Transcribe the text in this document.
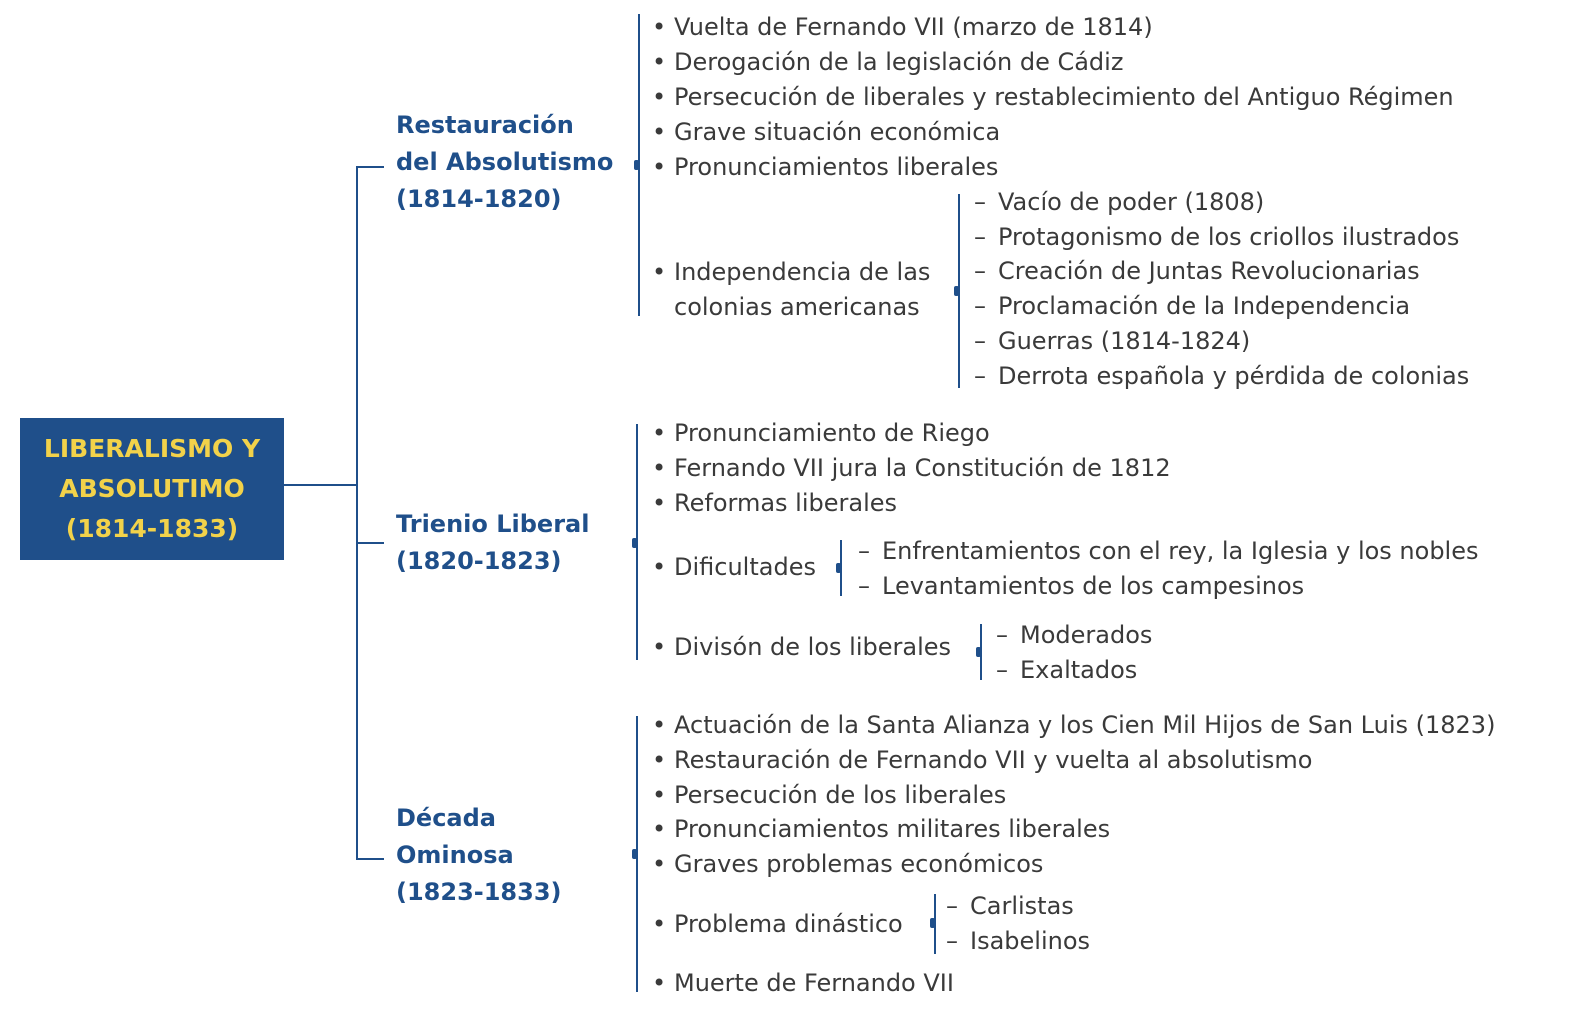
LIBERALISMO Y
ABSOLUTIMO
(1814-1833)
Restauración
del Absolutismo
(1814-1820)
• Vuelta de Fernando VII (marzo de 1814)
• Derogación de la legislación de Cádiz
• Persecución de liberales y restablecimiento del Antiguo Régimen
• Grave situación económica
• Pronunciamientos liberales
• Independencia de las
colonias americanas
– Vacío de poder (1808)
– Protagonismo de los criollos ilustrados
– Creación de Juntas Revolucionarias
– Proclamación de la Independencia
– Guerras (1814-1824)
– Derrota española y pérdida de colonias
Trienio Liberal
(1820-1823)
• Pronunciamiento de Riego
• Fernando VII jura la Constitución de 1812
• Reformas liberales
• Dificultades
– Enfrentamientos con el rey, la Iglesia y los nobles
– Levantamientos de los campesinos
• Divisón de los liberales
–	Moderados
– Exaltados
Década
Ominosa
(1823-1833)
• Actuación de la Santa Alianza y los Cien Mil Hijos de San Luis (1823)
• Restauración de Fernando VII y vuelta al absolutismo
• Persecución de los liberales
• Pronunciamientos militares liberales
• Graves problemas económicos
• Problema dinástico
– Carlistas
– Isabelinos
• Muerte de Fernando VII
